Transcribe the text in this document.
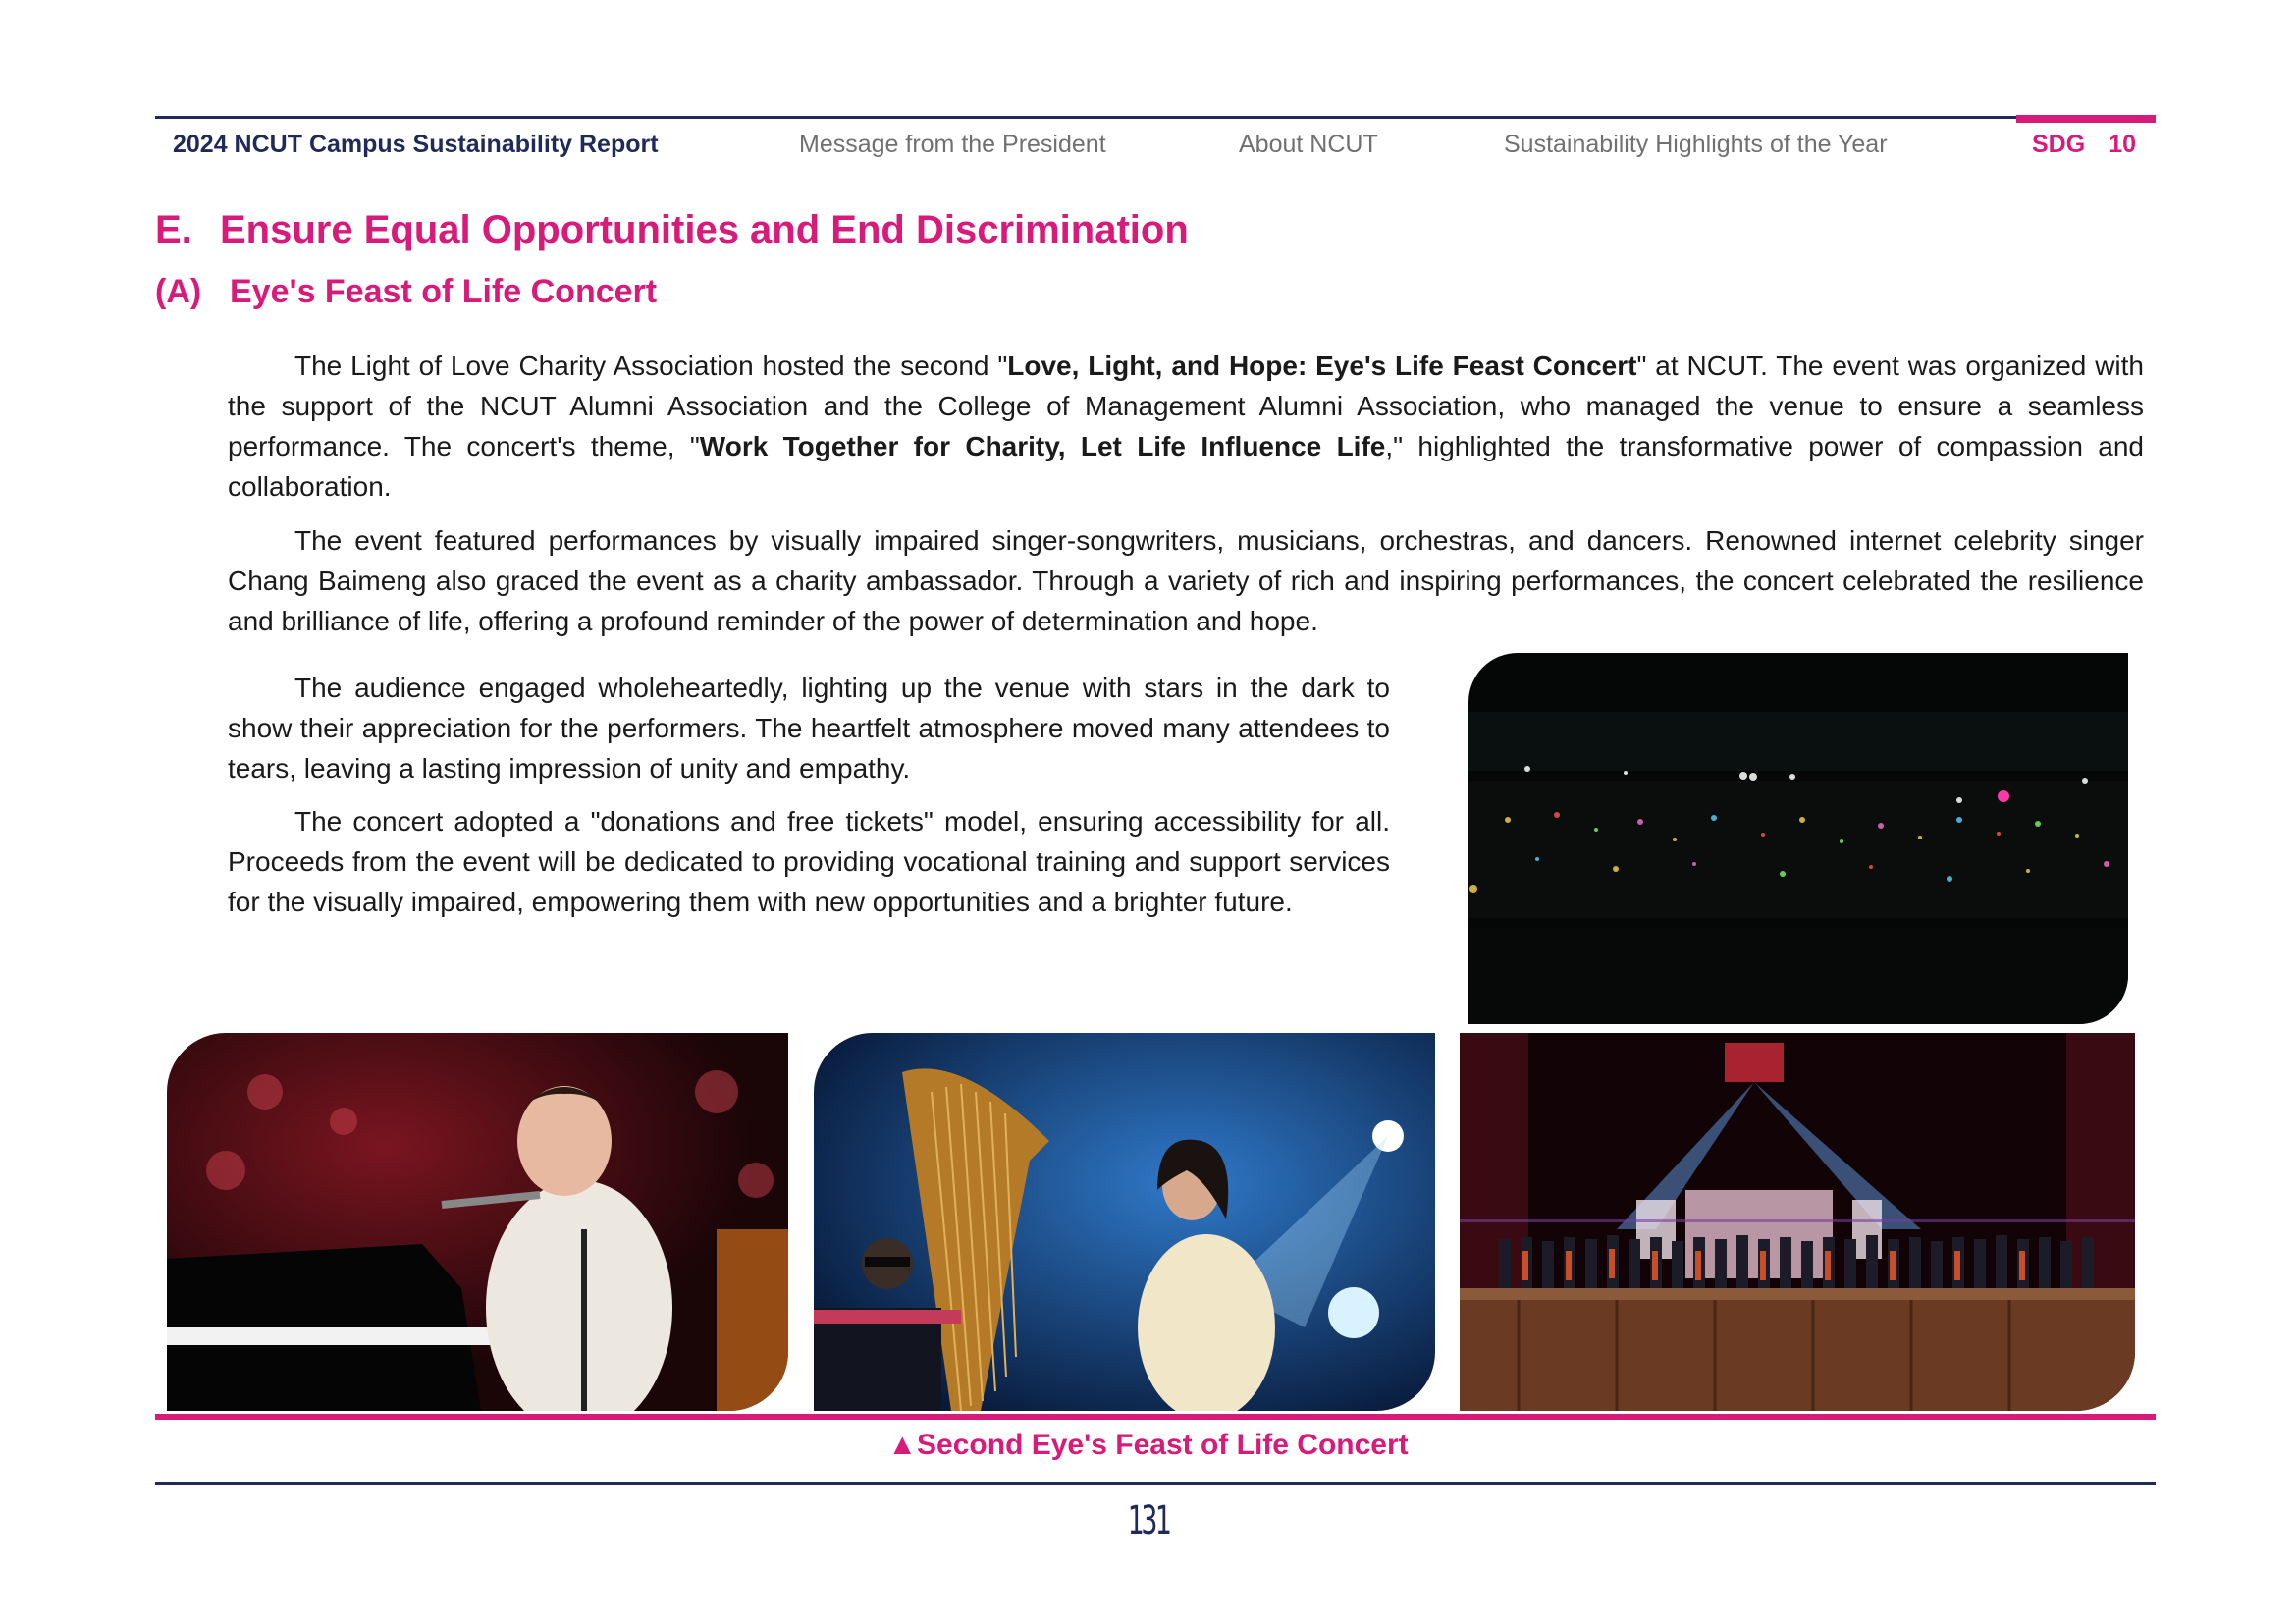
2024 NCUT Campus Sustainability Report	Message from the President	About NCUT	Sustainability Highlights of the Year	SDG 10
E. Ensure Equal Opportunities and End Discrimination
(A) Eye's Feast of Life Concert

The Light of Love Charity Association hosted the second "Love, Light, and Hope: Eye's Life Feast Concert" at NCUT. The event was organized with the support of the NCUT Alumni Association and the College of Management Alumni Association, who managed the venue to ensure a seamless performance. The concert's theme, "Work Together for Charity, Let Life Influence Life," highlighted the transformative power of compassion and collaboration.

The event featured performances by visually impaired singer-songwriters, musicians, orchestras, and dancers. Renowned internet celebrity singer Chang Baimeng also graced the event as a charity ambassador. Through a variety of rich and inspiring performances, the concert celebrated the resilience and brilliance of life, offering a profound reminder of the power of determination and hope.

The audience engaged wholeheartedly, lighting up the venue with stars in the dark to show their appreciation for the performers. The heartfelt atmosphere moved many attendees to tears, leaving a lasting impression of unity and empathy.

The concert adopted a "donations and free tickets" model, ensuring accessibility for all. Proceeds from the event will be dedicated to providing vocational training and support services for the visually impaired, empowering them with new opportunities and a brighter future.

▲Second Eye's Feast of Life Concert
131
